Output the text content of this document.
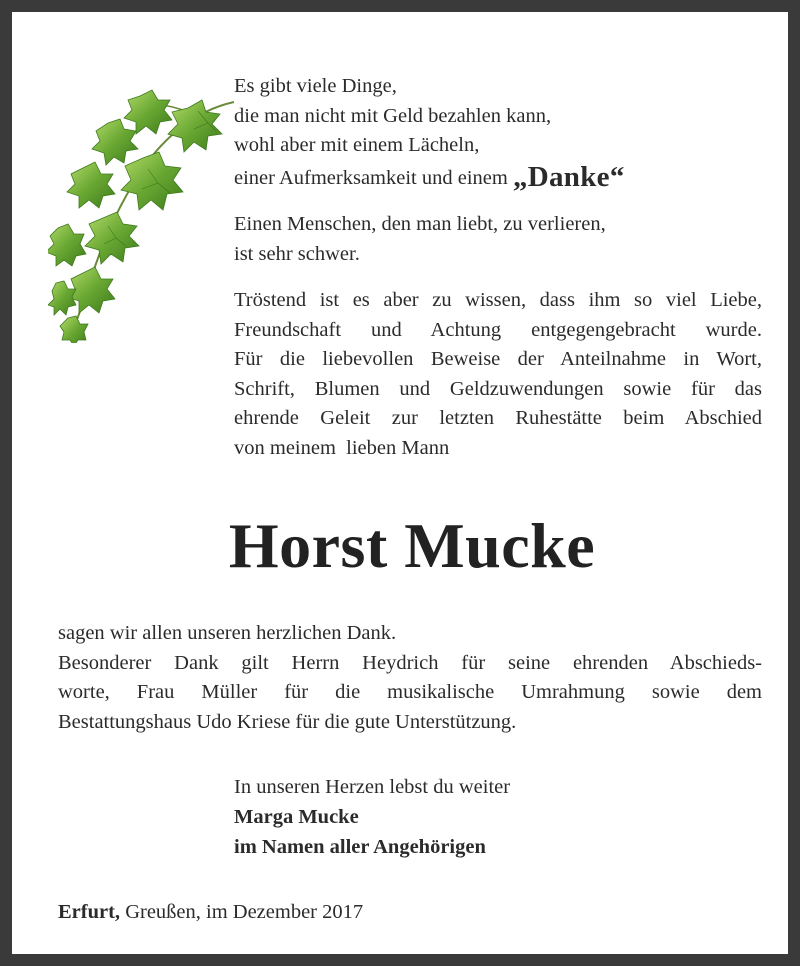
Es gibt viele Dinge,
die man nicht mit Geld bezahlen kann,
wohl aber mit einem Lächeln,
einer Aufmerksamkeit und einem „Danke“

Einen Menschen, den man liebt, zu verlieren,
ist sehr schwer.

Tröstend ist es aber zu wissen, dass ihm so viel Liebe,
Freundschaft und Achtung entgegengebracht wurde.
Für die liebevollen Beweise der Anteilnahme in Wort,
Schrift, Blumen und Geldzuwendungen sowie für das
ehrende Geleit zur letzten Ruhestätte beim Abschied
von meinem  lieben Mann

Horst Mucke
sagen wir allen unseren herzlichen Dank.
Besonderer Dank gilt Herrn Heydrich für seine ehrenden Abschieds-
worte, Frau Müller für die musikalische Umrahmung sowie dem
Bestattungshaus Udo Kriese für die gute Unterstützung.
In unseren Herzen lebst du weiter
Marga Mucke
im Namen aller Angehörigen
Erfurt, Greußen, im Dezember 2017
